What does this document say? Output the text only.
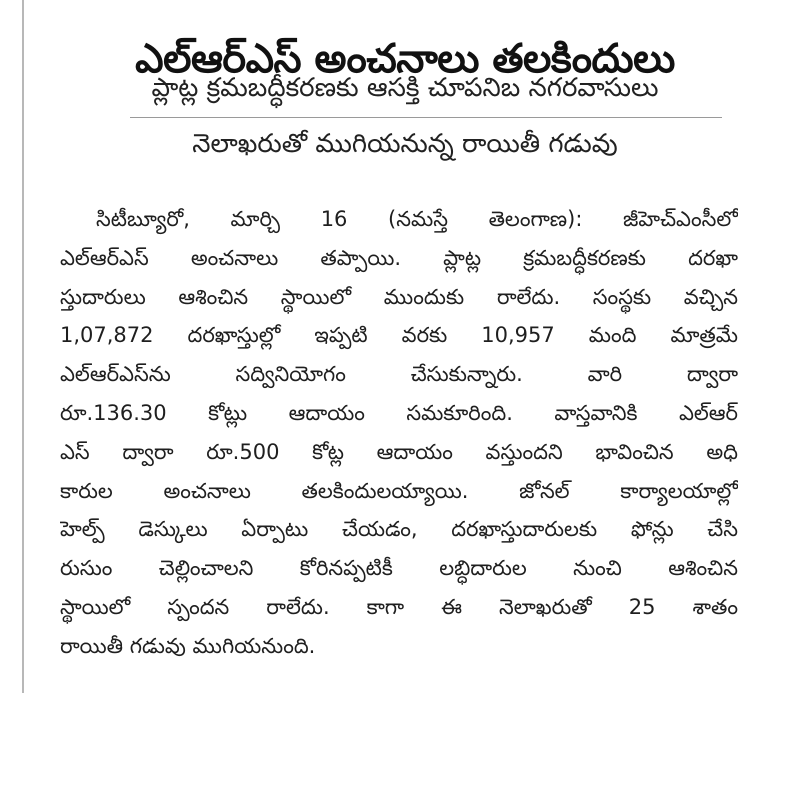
ఎల్‌ఆర్‌ఎస్‌ అంచనాలు తలకిందులు
ప్లాట్ల క్రమబద్ధీకరణకు ఆసక్తి చూపనిబ నగరవాసులు
నెలాఖరుతో ముగియనున్న రాయితీ గడువు
సిటీబ్యూరో, మార్చి 16 (నమస్తే తెలంగాణ): జీహెచ్‌ఎంసీలో
ఎల్‌ఆర్‌ఎస్‌ అంచనాలు తప్పాయి. ప్లాట్ల క్రమబద్ధీకరణకు దరఖా
స్తుదారులు ఆశించిన స్థాయిలో ముందుకు రాలేదు. సంస్థకు వచ్చిన
1,07,872 దరఖాస్తుల్లో ఇప్పటి వరకు 10,957 మంది మాత్రమే
ఎల్‌ఆర్‌ఎస్‌ను సద్వినియోగం చేసుకున్నారు. వారి ద్వారా
రూ.136.30 కోట్లు ఆదాయం సమకూరింది. వాస్తవానికి ఎల్‌ఆర్‌
ఎస్‌ ద్వారా రూ.500 కోట్ల ఆదాయం వస్తుందని భావించిన అధి
కారుల అంచనాలు తలకిందులయ్యాయి. జోనల్‌ కార్యాలయాల్లో
హెల్ప్‌ డెస్కులు ఏర్పాటు చేయడం, దరఖాస్తుదారులకు ఫోన్లు చేసి
రుసుం చెల్లించాలని కోరినప్పటికీ లబ్ధిదారుల నుంచి ఆశించిన
స్థాయిలో స్పందన రాలేదు. కాగా ఈ నెలాఖరుతో 25 శాతం
రాయితీ గడువు ముగియనుంది.
